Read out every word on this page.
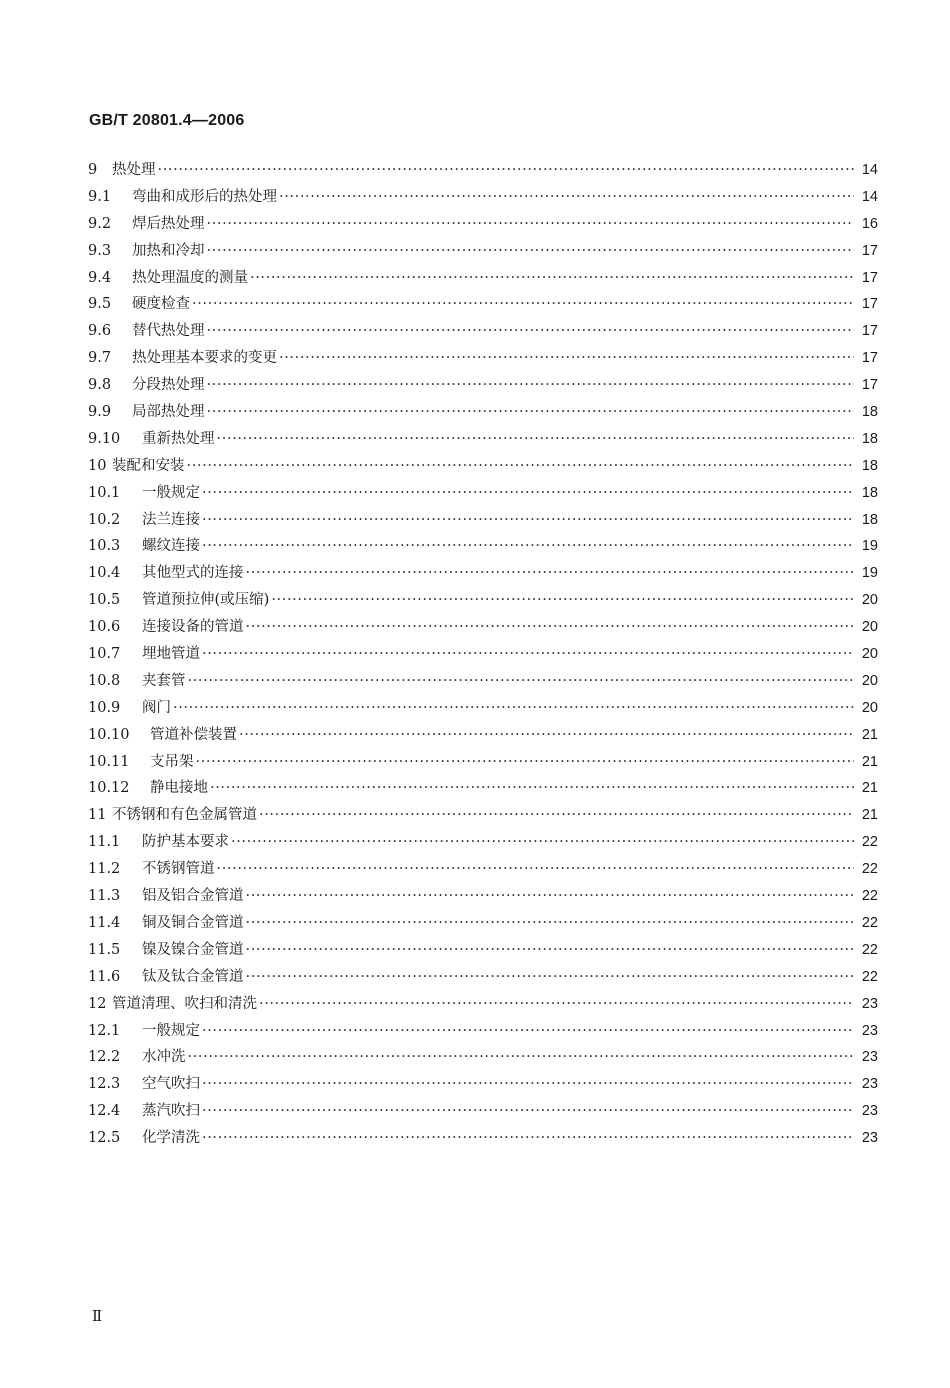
GB/T 20801.4—2006
9	热处理 ·····	14
9.1	弯曲和成形后的热处理 ·····	14
9.2	焊后热处理 ·····	16
9.3	加热和冷却 ·····	17
9.4	热处理温度的测量 ·····	17
9.5	硬度检查 ·····	17
9.6	替代热处理 ·····	17
9.7	热处理基本要求的变更 ·····	17
9.8	分段热处理 ·····	17
9.9	局部热处理 ·····	18
9.10	重新热处理 ·····	18
10 装配和安装 ·····	18
10.1	一般规定 ·····	18
10.2	法兰连接 ·····	18
10.3	螺纹连接 ·····	19
10.4	其他型式的连接 ·····	19
10.5	管道预拉伸(或压缩) ·····	20
10.6	连接设备的管道 ·····	20
10.7	埋地管道 ·····	20
10.8	夹套管 ·····	20
10.9	阀门 ·····	20
10.10	管道补偿装置 ·····	21
10.11	支吊架 ·····	21
10.12	静电接地 ·····	21
11 不锈钢和有色金属管道 ·····	21
11.1	防护基本要求 ·····	22
11.2	不锈钢管道 ·····	22
11.3	铝及铝合金管道 ·····	22
11.4	铜及铜合金管道 ·····	22
11.5	镍及镍合金管道 ·····	22
11.6	钛及钛合金管道 ·····	22
12 管道清理、吹扫和清洗 ·····	23
12.1	一般规定 ·····	23
12.2	水冲洗 ·····	23
12.3	空气吹扫 ·····	23
12.4	蒸汽吹扫 ·····	23
12.5	化学清洗 ·····	23
Ⅱ
